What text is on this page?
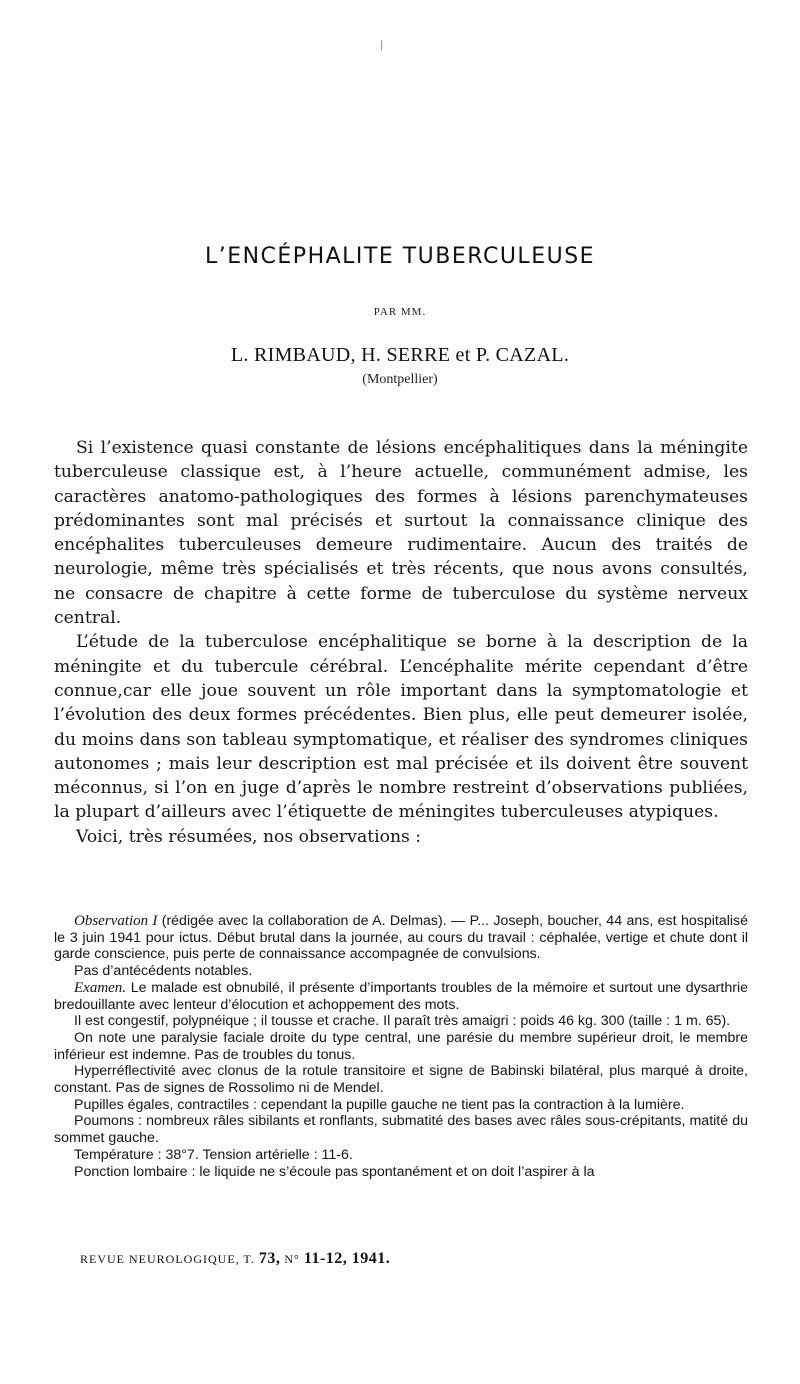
|
L’ENCÉPHALITE TUBERCULEUSE
PAR MM.
L. RIMBAUD, H. SERRE et P. CAZAL.
(Montpellier)

Si l’existence quasi constante de lésions encéphalitiques dans la méningite tuberculeuse classique est, à l’heure actuelle, communément admise, les caractères anatomo-pathologiques des formes à lésions parenchymateuses prédominantes sont mal précisés et surtout la connaissance clinique des encéphalites tuberculeuses demeure rudimentaire. Aucun des traités de neurologie, même très spécialisés et très récents, que nous avons consultés, ne consacre de chapitre à cette forme de tuberculose du système nerveux central.

L’étude de la tuberculose encéphalitique se borne à la description de la méningite et du tubercule cérébral. L’encéphalite mérite cependant d’être connue,car elle joue souvent un rôle important dans la symptomatologie et l’évolution des deux formes précédentes. Bien plus, elle peut demeurer isolée, du moins dans son tableau symptomatique, et réaliser des syndromes cliniques autonomes ; mais leur description est mal précisée et ils doivent être souvent méconnus, si l’on en juge d’après le nombre restreint d’observations publiées, la plupart d’ailleurs avec l’étiquette de méningites tuberculeuses atypiques.

Voici, très résumées, nos observations :

Observation I (rédigée avec la collaboration de A. Delmas). — P... Joseph, boucher, 44 ans, est hospitalisé le 3 juin 1941 pour ictus. Début brutal dans la journée, au cours du travail : céphalée, vertige et chute dont il garde conscience, puis perte de connaissance accompagnée de convulsions.

Pas d’antécédents notables.

Examen. Le malade est obnubilé, il présente d’importants troubles de la mémoire et surtout une dysarthrie bredouillante avec lenteur d’élocution et achoppement des mots.

Il est congestif, polypnéique ; il tousse et crache. Il paraît très amaigri : poids 46 kg. 300 (taille : 1 m. 65).

On note une paralysie faciale droite du type central, une parésie du membre supérieur droit, le membre inférieur est indemne. Pas de troubles du tonus.

Hyperréflectivité avec clonus de la rotule transitoire et signe de Babinski bilatéral, plus marqué à droite, constant. Pas de signes de Rossolimo ni de Mendel.

Pupilles égales, contractiles : cependant la pupille gauche ne tient pas la contraction à la lumière.

Poumons : nombreux râles sibilants et ronflants, submatité des bases avec râles sous-crépitants, matité du sommet gauche.

Température : 38°7. Tension artérielle : 11-6.

Ponction lombaire : le liquide ne s’écoule pas spontanément et on doit l’aspirer à la

REVUE NEUROLOGIQUE, T. 73, N° 11-12, 1941.
